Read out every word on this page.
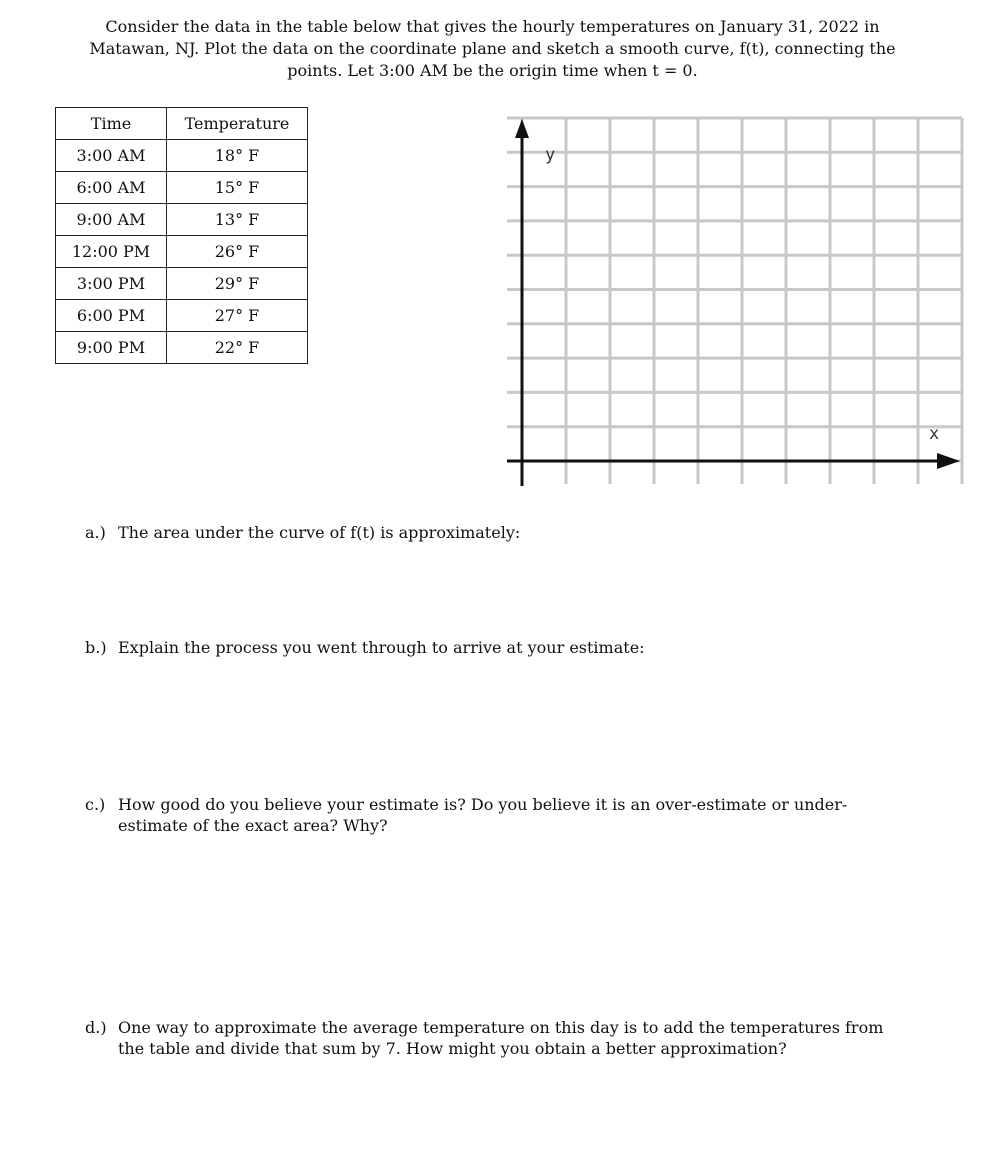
Consider the data in the table below that gives the hourly temperatures on January 31, 2022 in
Matawan, NJ. Plot the data on the coordinate plane and sketch a smooth curve, f(t), connecting the
points. Let 3:00 AM be the origin time when t = 0.
Time	Temperature
3:00 AM	18° F
6:00 AM	15° F
9:00 AM	13° F
12:00 PM	26° F
3:00 PM	29° F
6:00 PM	27° F
9:00 PM	22° F
y
x
a.) The area under the curve of f(t) is approximately:
b.) Explain the process you went through to arrive at your estimate:
c.) How good do you believe your estimate is? Do you believe it is an over-estimate or under-estimate of the exact area? Why?
d.) One way to approximate the average temperature on this day is to add the temperatures from the table and divide that sum by 7. How might you obtain a better approximation?
